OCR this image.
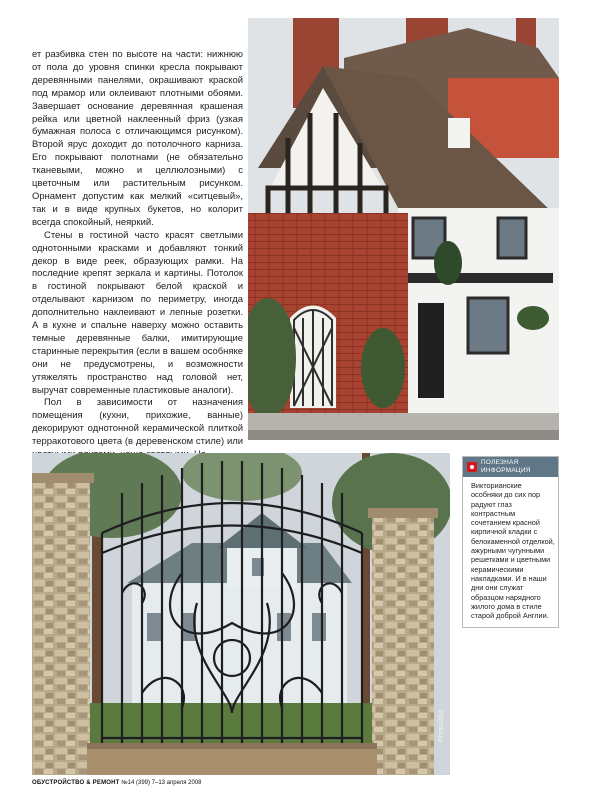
ет разбивка стен по высоте на части: нижнюю от пола до уровня спинки кресла покрывают деревянными панелями, окрашивают краской под мрамор или оклеивают плотными обоями. Завершает основание деревянная крашеная рейка или цветной наклеенный фриз (узкая бумажная полоса с отличающимся рисунком). Второй ярус доходит до потолочного карниза. Его покрывают полотнами (не обязательно тканевыми, можно и целлюлозными) с цветочным или растительным рисунком. Орнамент допустим как мелкий «ситцевый», так и в виде крупных букетов, но колорит всегда спокойный, неяркий.

Стены в гостиной часто красят светлыми однотонными красками и добавляют тонкий декор в виде реек, образующих рамки. На последние крепят зеркала и картины. Потолок в гостиной покрывают белой краской и отделывают карнизом по периметру, иногда дополнительно наклеивают и лепные розетки. А в кухне и спальне наверху можно оставить темные деревянные балки, имитирующие старинные перекрытия (если в вашем особняке они не предусмотрены, и возможности утяжелять пространство над головой нет, выручат современные пластиковые аналоги).

Пол в зависимости от назначения помещения (кухни, прихожие, ванные) декорируют однотонной керамической плиткой терракотового цвета (в деревенском стиле) или

Photolabs
ПОЛЕЗНАЯ
ИНФОРМАЦИЯ

Викторианские особняки до сих пор радуют глаз контрастным сочетанием красной кирпичной кладки с белокаменной отделкой, ажурными чугунными решетками и цветными керамическими накладками. И в наши дни они служат образцом нарядного жилого дома в стиле старой доброй Англии.

ОБУСТРОЙСТВО & РЕМОНТ №14 (399) 7–13 апреля 2008
